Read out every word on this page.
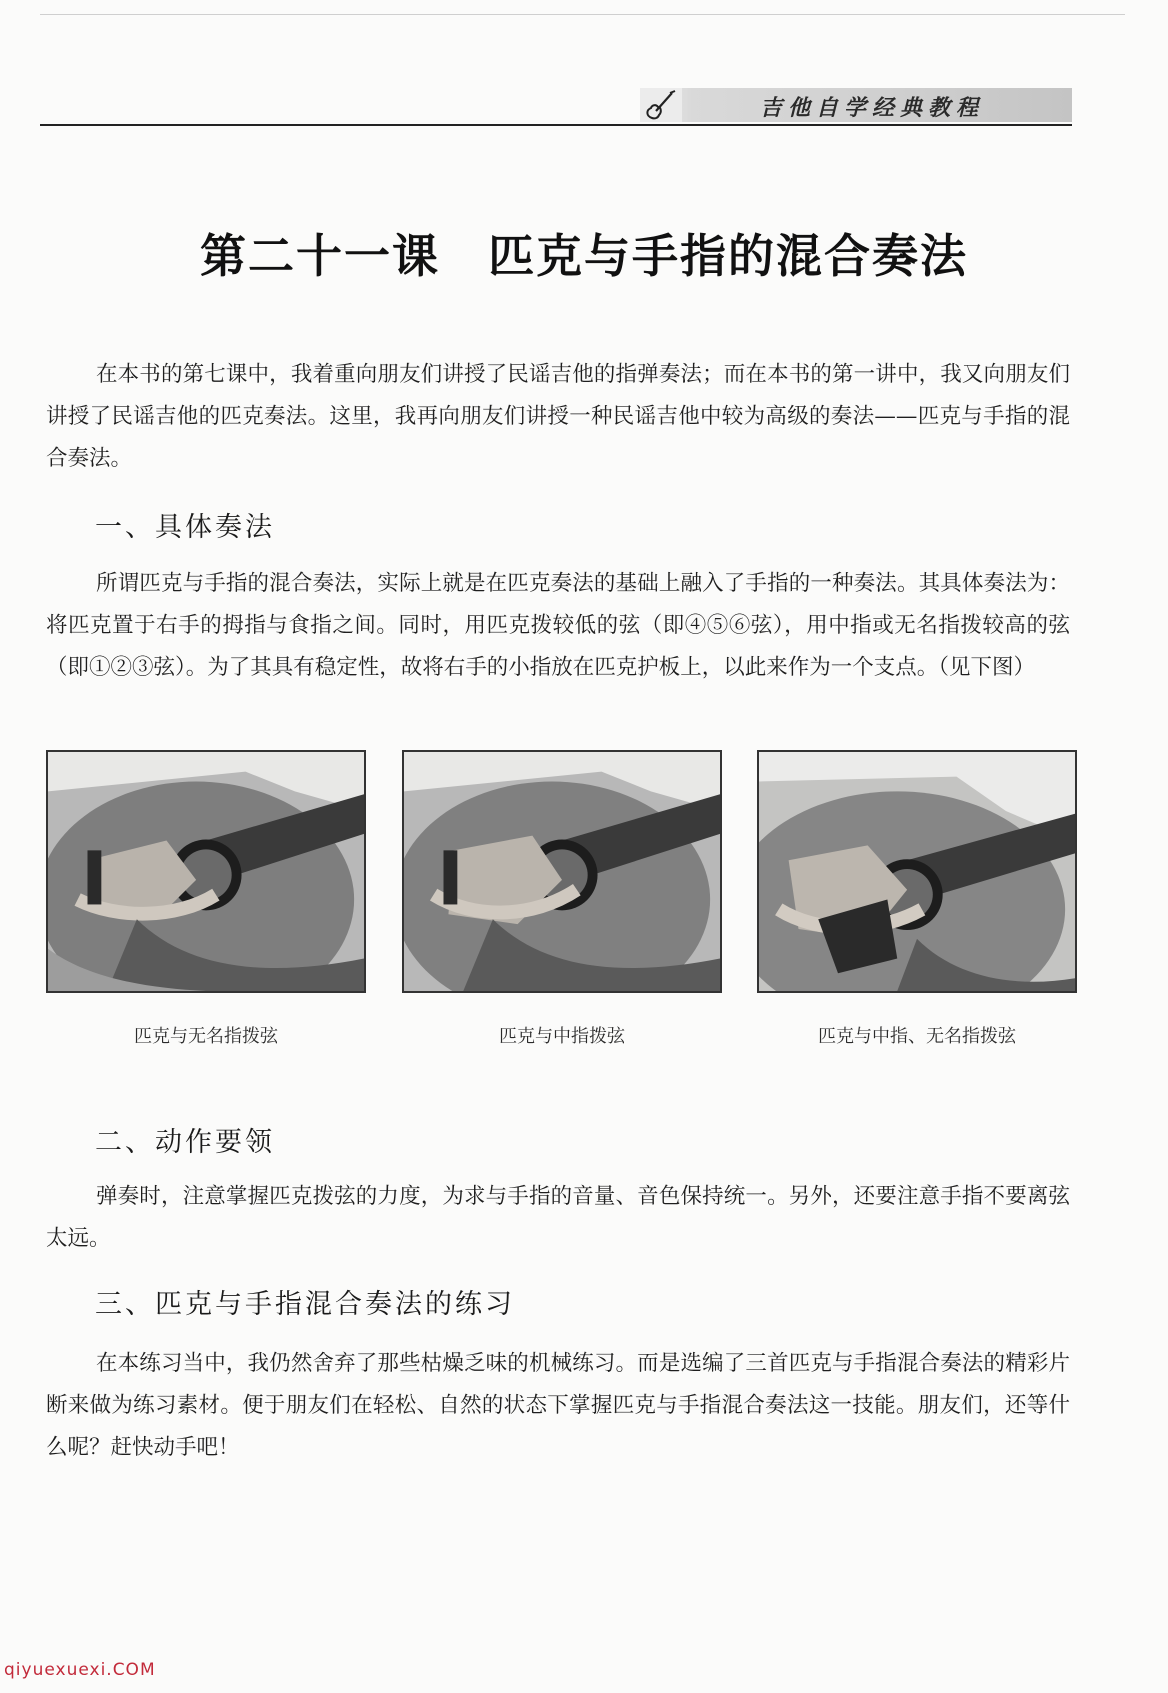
吉他自学经典教程
第二十一课　匹克与手指的混合奏法

在本书的第七课中，我着重向朋友们讲授了民谣吉他的指弹奏法；而在本书的第一讲中，我又向朋友们讲授了民谣吉他的匹克奏法。这里，我再向朋友们讲授一种民谣吉他中较为高级的奏法——匹克与手指的混合奏法。

一、具体奏法

所谓匹克与手指的混合奏法，实际上就是在匹克奏法的基础上融入了手指的一种奏法。其具体奏法为：将匹克置于右手的拇指与食指之间。同时，用匹克拨较低的弦（即④⑤⑥弦），用中指或无名指拨较高的弦（即①②③弦）。为了其具有稳定性，故将右手的小指放在匹克护板上，以此来作为一个支点。（见下图）

匹克与无名指拨弦	匹克与中指拨弦	匹克与中指、无名指拨弦
二、动作要领

弹奏时，注意掌握匹克拨弦的力度，为求与手指的音量、音色保持统一。另外，还要注意手指不要离弦太远。

三、匹克与手指混合奏法的练习

在本练习当中，我仍然舍弃了那些枯燥乏味的机械练习。而是选编了三首匹克与手指混合奏法的精彩片断来做为练习素材。便于朋友们在轻松、自然的状态下掌握匹克与手指混合奏法这一技能。朋友们，还等什么呢？赶快动手吧！

qiyuexuexi.COM
